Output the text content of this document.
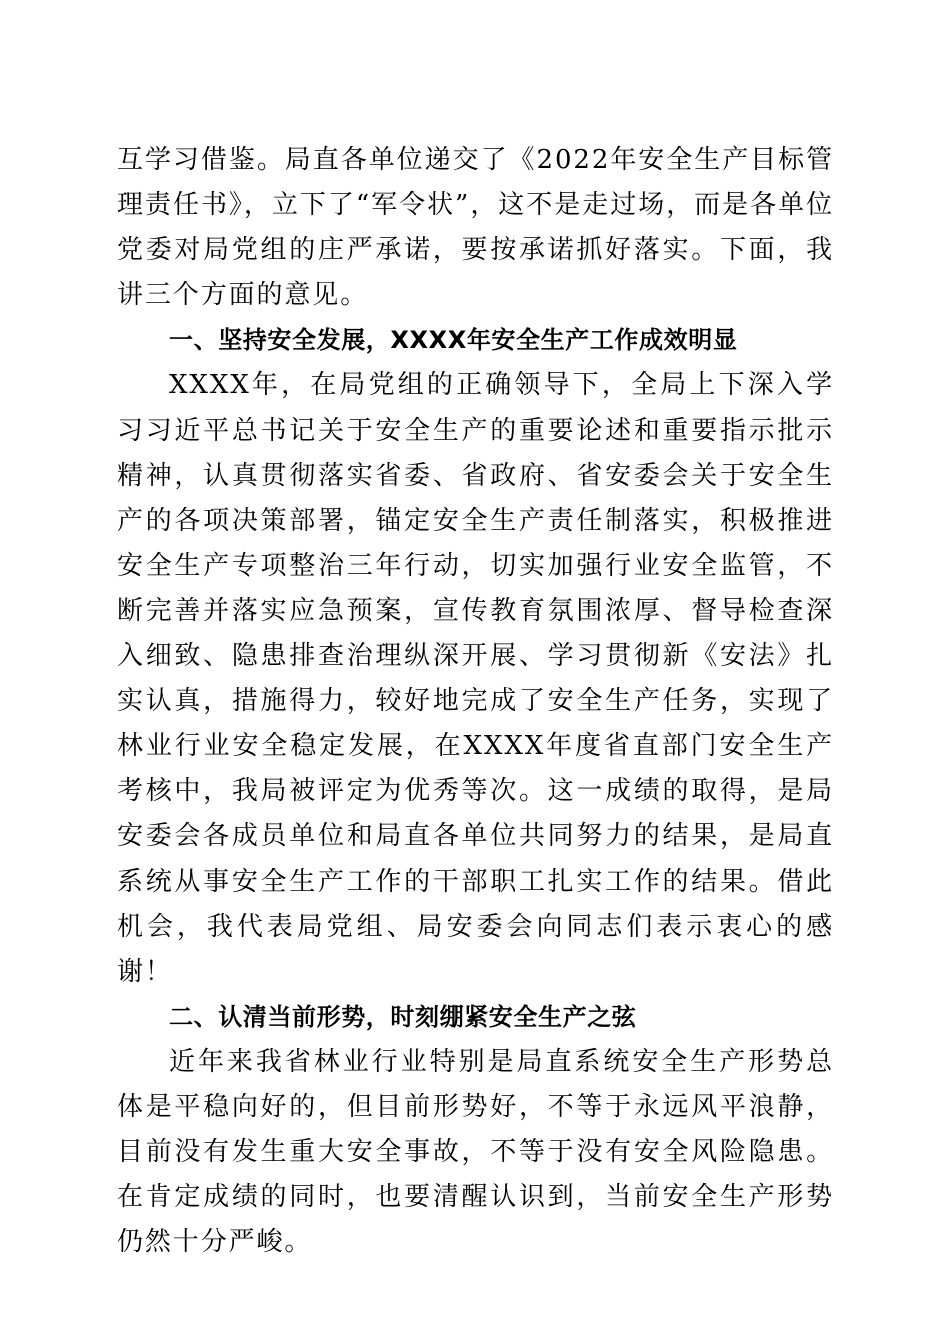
互学习借鉴。局直各单位递交了《2022年安全生产目标管理责任书》，立下了“军令状”，这不是走过场，而是各单位党委对局党组的庄严承诺，要按承诺抓好落实。下面，我讲三个方面的意见。

一、坚持安全发展，XXXX年安全生产工作成效明显

XXXX年，在局党组的正确领导下，全局上下深入学习习近平总书记关于安全生产的重要论述和重要指示批示精神，认真贯彻落实省委、省政府、省安委会关于安全生产的各项决策部署，锚定安全生产责任制落实，积极推进安全生产专项整治三年行动，切实加强行业安全监管，不断完善并落实应急预案，宣传教育氛围浓厚、督导检查深入细致、隐患排查治理纵深开展、学习贯彻新《安法》扎实认真，措施得力，较好地完成了安全生产任务，实现了林业行业安全稳定发展，在XXXX年度省直部门安全生产考核中，我局被评定为优秀等次。这一成绩的取得，是局安委会各成员单位和局直各单位共同努力的结果，是局直系统从事安全生产工作的干部职工扎实工作的结果。借此机会，我代表局党组、局安委会向同志们表示衷心的感谢！

二、认清当前形势，时刻绷紧安全生产之弦

近年来我省林业行业特别是局直系统安全生产形势总体是平稳向好的，但目前形势好，不等于永远风平浪静，目前没有发生重大安全事故，不等于没有安全风险隐患。在肯定成绩的同时，也要清醒认识到，当前安全生产形势仍然十分严峻。
